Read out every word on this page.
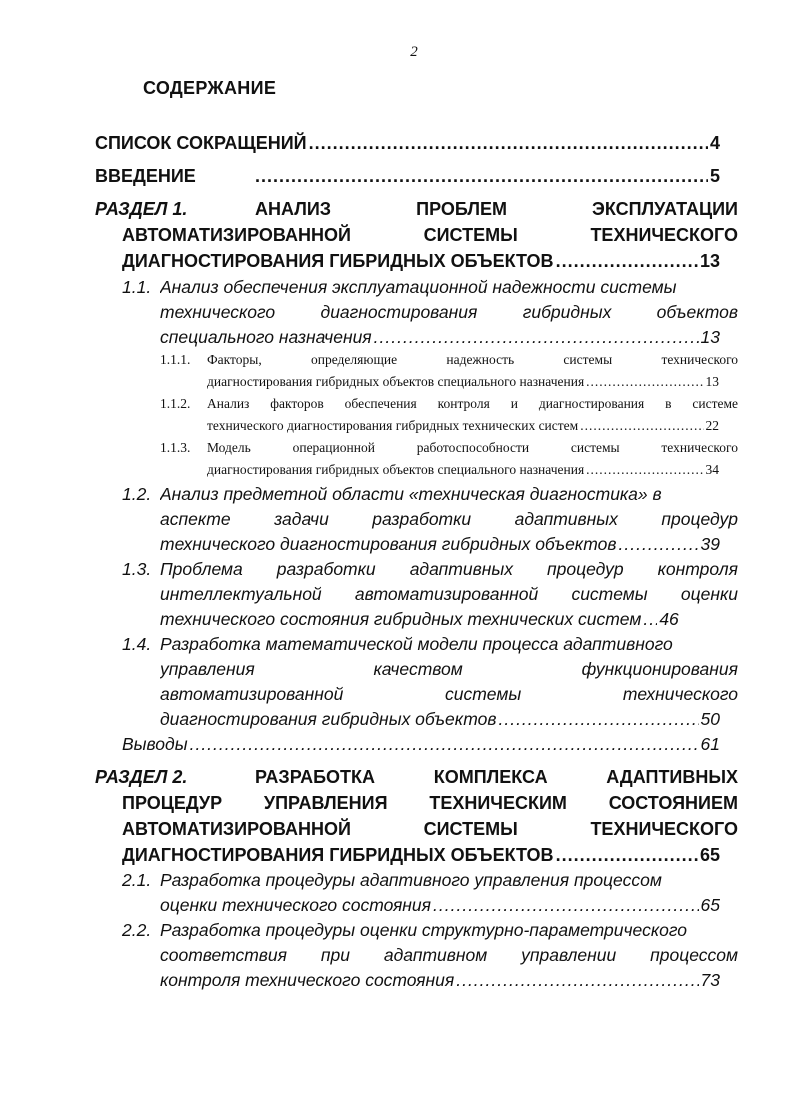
2
СОДЕРЖАНИЕ
СПИСОК СОКРАЩЕНИЙ .....	4
ВВЕДЕНИЕ .....	5
РАЗДЕЛ 1.	АНАЛИЗ	ПРОБЛЕМ	ЭКСПЛУАТАЦИИ
АВТОМАТИЗИРОВАННОЙ	СИСТЕМЫ	ТЕХНИЧЕСКОГО
ДИАГНОСТИРОВАНИЯ ГИБРИДНЫХ ОБЪЕКТОВ .....	13
1.1. Анализ обеспечения эксплуатационной надежности системы
технического	диагностирования	гибридных	объектов
специального назначения .....	13
1.1.1. Факторы,	определяющие	надежность	системы	технического
диагностирования гибридных объектов специального назначения .....	13
1.1.2. Анализ факторов обеспечения контроля и диагностирования в системе
технического диагностирования гибридных технических систем .....	22
1.1.3. Модель	операционной	работоспособности	системы	технического
диагностирования гибридных объектов специального назначения .....	34
1.2. Анализ предметной области «техническая диагностика» в
аспекте задачи разработки адаптивных процедур
технического диагностирования гибридных объектов .....	39
1.3. Проблема разработки адаптивных процедур контроля
интеллектуальной автоматизированной системы оценки
технического состояния гибридных технических систем ..... 46
1.4. Разработка математической модели процесса адаптивного
управления	качеством	функционирования
автоматизированной	системы	технического
диагностирования гибридных объектов .....	50
Выводы .....	61
РАЗДЕЛ 2.	РАЗРАБОТКА	КОМПЛЕКСА	АДАПТИВНЫХ
ПРОЦЕДУР УПРАВЛЕНИЯ ТЕХНИЧЕСКИМ СОСТОЯНИЕМ
АВТОМАТИЗИРОВАННОЙ	СИСТЕМЫ	ТЕХНИЧЕСКОГО
ДИАГНОСТИРОВАНИЯ ГИБРИДНЫХ ОБЪЕКТОВ .....	65
2.1. Разработка процедуры адаптивного управления процессом
оценки технического состояния .....	65
2.2. Разработка процедуры оценки структурно-параметрического
соответствия при адаптивном управлении процессом
контроля технического состояния .....	73
